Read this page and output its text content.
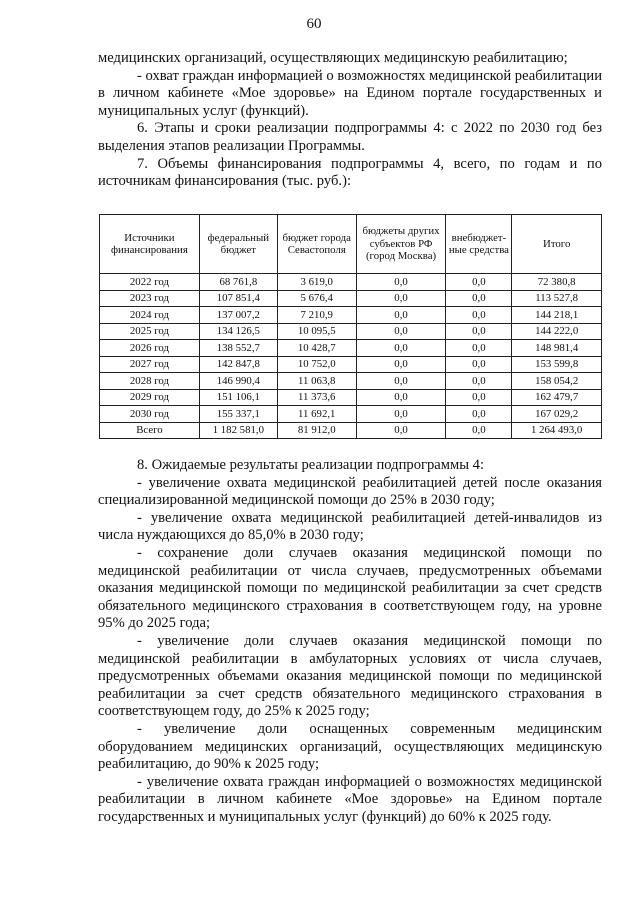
60

медицинских организаций, осуществляющих медицинскую реабилитацию;

- охват граждан информацией о возможностях медицинской реабилитации в личном кабинете «Мое здоровье» на Едином портале государственных и муниципальных услуг (функций).

6. Этапы и сроки реализации подпрограммы 4: с 2022 по 2030 год без выделения этапов реализации Программы.

7. Объемы финансирования подпрограммы 4, всего, по годам и по источникам финансирования (тыс. руб.):

Источники финансирования	федеральный бюджет	бюджет города Севастополя	бюджеты других субъектов РФ (город Москва)	внебюджет-ные средства	Итого
2022 год	68 761,8	3 619,0	0,0	0,0	72 380,8
2023 год	107 851,4	5 676,4	0,0	0,0	113 527,8
2024 год	137 007,2	7 210,9	0,0	0,0	144 218,1
2025 год	134 126,5	10 095,5	0,0	0,0	144 222,0
2026 год	138 552,7	10 428,7	0,0	0,0	148 981,4
2027 год	142 847,8	10 752,0	0,0	0,0	153 599,8
2028 год	146 990,4	11 063,8	0,0	0,0	158 054,2
2029 год	151 106,1	11 373,6	0,0	0,0	162 479,7
2030 год	155 337,1	11 692,1	0,0	0,0	167 029,2
Всего	1 182 581,0	81 912,0	0,0	0,0	1 264 493,0

8. Ожидаемые результаты реализации подпрограммы 4:

- увеличение охвата медицинской реабилитацией детей после оказания специализированной медицинской помощи до 25% в 2030 году;

- увеличение охвата медицинской реабилитацией детей-инвалидов из числа нуждающихся до 85,0% в 2030 году;

- сохранение доли случаев оказания медицинской помощи по медицинской реабилитации от числа случаев, предусмотренных объемами оказания медицинской помощи по медицинской реабилитации за счет средств обязательного медицинского страхования в соответствующем году, на уровне 95% до 2025 года;

- увеличение доли случаев оказания медицинской помощи по медицинской реабилитации в амбулаторных условиях от числа случаев, предусмотренных объемами оказания медицинской помощи по медицинской реабилитации за счет средств обязательного медицинского страхования в соответствующем году, до 25% к 2025 году;

- увеличение доли оснащенных современным медицинским оборудованием медицинских организаций, осуществляющих медицинскую реабилитацию, до 90% к 2025 году;

- увеличение охвата граждан информацией о возможностях медицинской реабилитации в личном кабинете «Мое здоровье» на Едином портале государственных и муниципальных услуг (функций) до 60% к 2025 году.
